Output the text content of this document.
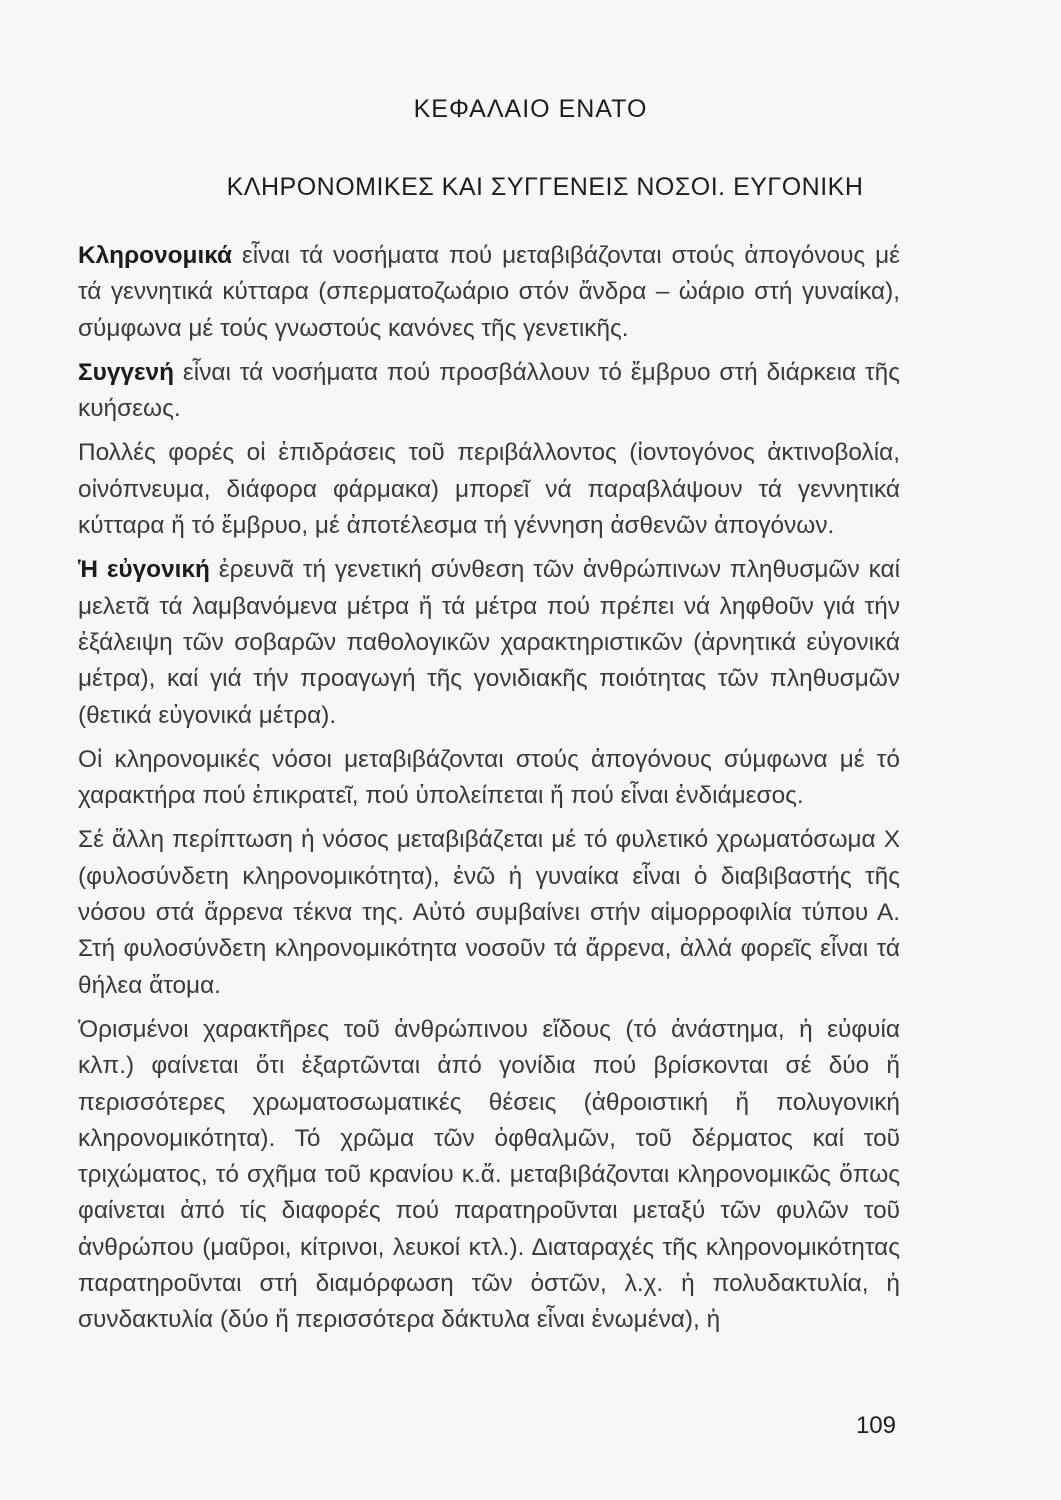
ΚΕΦΑΛΑΙΟ ΕΝΑΤΟ
ΚΛΗΡΟΝΟΜΙΚΕΣ ΚΑΙ ΣΥΓΓΕΝΕΙΣ ΝΟΣΟΙ. ΕΥΓΟΝΙΚΗ

Κληρονομικά εἶναι τά νοσήματα πού μεταβιβάζονται στούς ἀπογόνους μέ τά γεννητικά κύτταρα (σπερματοζωάριο στόν ἄνδρα – ὠάριο στή γυναίκα), σύμφωνα μέ τούς γνωστούς κανόνες τῆς γενετικῆς.

Συγγενή εἶναι τά νοσήματα πού προσβάλλουν τό ἔμβρυο στή διάρκεια τῆς κυήσεως.

Πολλές φορές οἱ ἐπιδράσεις τοῦ περιβάλλοντος (ἰοντογόνος ἀκτινοβολία, οἰνόπνευμα, διάφορα φάρμακα) μπορεῖ νά παραβλάψουν τά γεννητικά κύτταρα ἤ τό ἔμβρυο, μέ ἀποτέλεσμα τή γέννηση ἀσθενῶν ἀπογόνων.

Ἡ εὐγονική ἐρευνᾶ τή γενετική σύνθεση τῶν ἀνθρώπινων πληθυσμῶν καί μελετᾶ τά λαμβανόμενα μέτρα ἤ τά μέτρα πού πρέπει νά ληφθοῦν γιά τήν ἐξάλειψη τῶν σοβαρῶν παθολογικῶν χαρακτηριστικῶν (ἀρνητικά εὐγονικά μέτρα), καί γιά τήν προαγωγή τῆς γονιδιακῆς ποιότητας τῶν πληθυσμῶν (θετικά εὐγονικά μέτρα).

Οἱ κληρονομικές νόσοι μεταβιβάζονται στούς ἀπογόνους σύμφωνα μέ τό χαρακτήρα πού ἐπικρατεῖ, πού ὑπολείπεται ἤ πού εἶναι ἐνδιάμεσος.

Σέ ἄλλη περίπτωση ἡ νόσος μεταβιβάζεται μέ τό φυλετικό χρωματόσωμα Χ (φυλοσύνδετη κληρονομικότητα), ἐνῶ ἡ γυναίκα εἶναι ὁ διαβιβαστής τῆς νόσου στά ἄρρενα τέκνα της. Αὐτό συμβαίνει στήν αἱμορροφιλία τύπου Α. Στή φυλοσύνδετη κληρονομικότητα νοσοῦν τά ἄρρενα, ἀλλά φορεῖς εἶναι τά θήλεα ἄτομα.

Ὁρισμένοι χαρακτῆρες τοῦ ἀνθρώπινου εἴδους (τό ἀνάστημα, ἡ εὐφυία κλπ.) φαίνεται ὅτι ἐξαρτῶνται ἀπό γονίδια πού βρίσκονται σέ δύο ἤ περισσότερες χρωματοσωματικές θέσεις (ἀθροιστική ἤ πολυγονική κληρονομικότητα). Τό χρῶμα τῶν ὀφθαλμῶν, τοῦ δέρματος καί τοῦ τριχώματος, τό σχῆμα τοῦ κρανίου κ.ἄ. μεταβιβάζονται κληρονομικῶς ὅπως φαίνεται ἀπό τίς διαφορές πού παρατηροῦνται μεταξύ τῶν φυλῶν τοῦ ἀνθρώπου (μαῦροι, κίτρινοι, λευκοί κτλ.). Διαταραχές τῆς κληρονομικότητας παρατηροῦνται στή διαμόρφωση τῶν ὀστῶν, λ.χ. ἡ πολυδακτυλία, ἡ συνδακτυλία (δύο ἤ περισσότερα δάκτυλα εἶναι ἑνωμένα), ἡ

109
